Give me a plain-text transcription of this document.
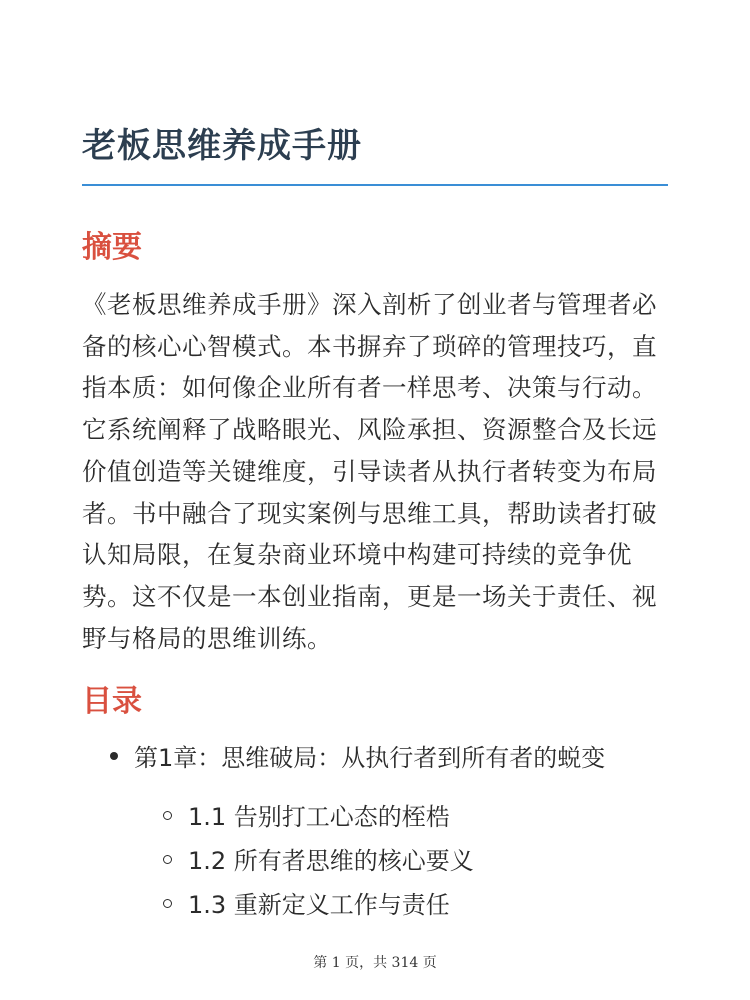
老板思维养成手册
摘要

《老板思维养成手册》深入剖析了创业者与管理者必备的核心心智模式。本书摒弃了琐碎的管理技巧，直指本质：如何像企业所有者一样思考、决策与行动。它系统阐释了战略眼光、风险承担、资源整合及长远价值创造等关键维度，引导读者从执行者转变为布局者。书中融合了现实案例与思维工具，帮助读者打破认知局限，在复杂商业环境中构建可持续的竞争优势。这不仅是一本创业指南，更是一场关于责任、视野与格局的思维训练。

目录
第1章：思维破局：从执行者到所有者的蜕变
1.1 告别打工心态的桎梏
1.2 所有者思维的核心要义
1.3 重新定义工作与责任
第 1 页，共 314 页
